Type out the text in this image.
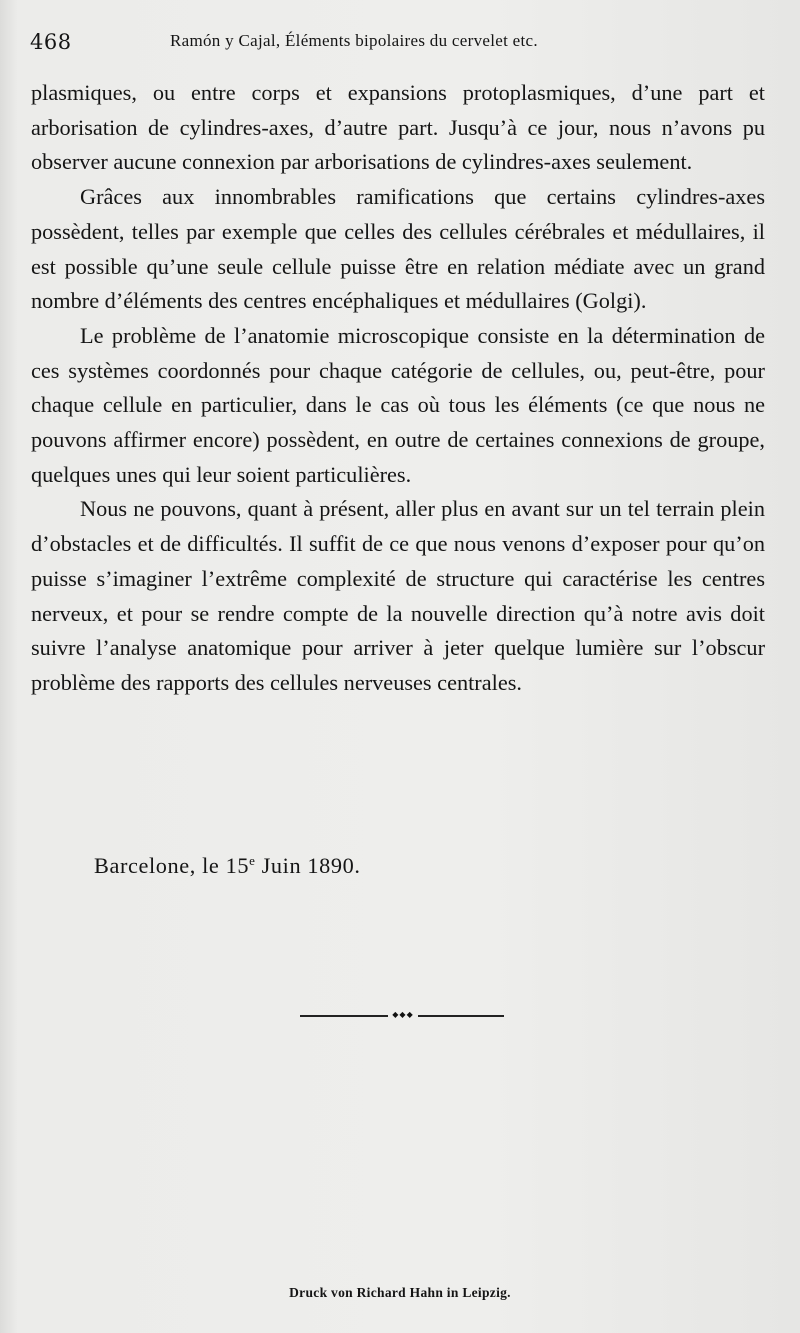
468	Ramón y Cajal, Éléments bipolaires du cervelet etc.

plasmiques, ou entre corps et expansions protoplasmiques, d’une part et arborisation de cylindres-axes, d’autre part. Jusqu’à ce jour, nous n’avons pu observer aucune connexion par arborisations de cylindres-axes seulement.

Grâces aux innombrables ramifications que certains cylindres-axes possèdent, telles par exemple que celles des cellules cérébrales et médullaires, il est possible qu’une seule cellule puisse être en relation médiate avec un grand nombre d’éléments des centres encéphaliques et médullaires (Golgi).

Le problème de l’anatomie microscopique consiste en la détermination de ces systèmes coordonnés pour chaque catégorie de cellules, ou, peut-être, pour chaque cellule en particulier, dans le cas où tous les éléments (ce que nous ne pouvons affirmer encore) possèdent, en outre de certaines connexions de groupe, quelques unes qui leur soient particulières.

Nous ne pouvons, quant à présent, aller plus en avant sur un tel terrain plein d’obstacles et de difficultés. Il suffit de ce que nous venons d’exposer pour qu’on puisse s’imaginer l’extrême complexité de structure qui caractérise les centres nerveux, et pour se rendre compte de la nouvelle direction qu’à notre avis doit suivre l’analyse anatomique pour arriver à jeter quelque lumière sur l’obscur problème des rapports des cellules nerveuses centrales.

Barcelone, le 15e Juin 1890.
◆◆◆
Druck von Richard Hahn in Leipzig.
